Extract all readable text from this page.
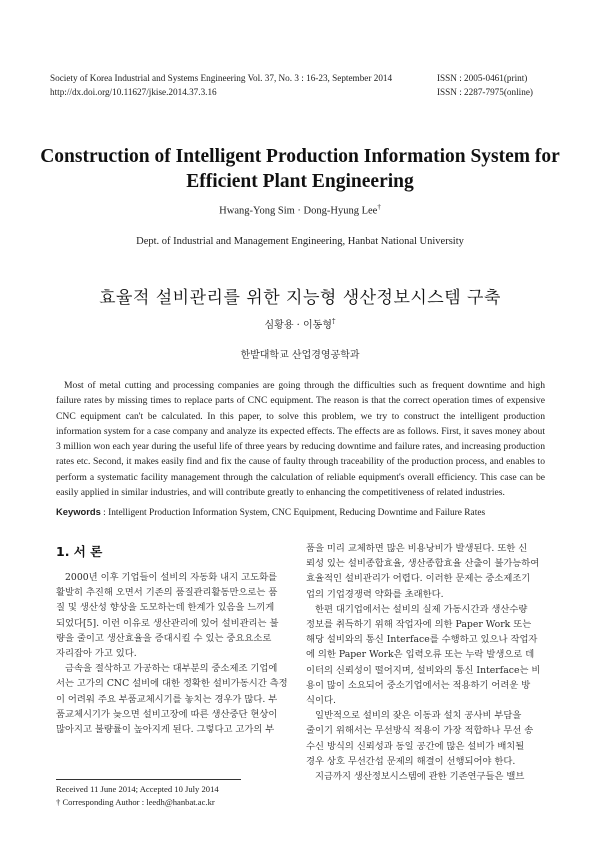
Society of Korea Industrial and Systems Engineering Vol. 37, No. 3 : 16-23, September 2014
http://dx.doi.org/10.11627/jkise.2014.37.3.16
ISSN : 2005-0461(print)
ISSN : 2287-7975(online)
Construction of Intelligent Production Information System for Efficient Plant Engineering
Hwang-Yong Sim · Dong-Hyung Lee†
Dept. of Industrial and Management Engineering, Hanbat National University
효율적 설비관리를 위한 지능형 생산정보시스템 구축
심황용 · 이동형†
한밭대학교 산업경영공학과
Most of metal cutting and processing companies are going through the difficulties such as frequent downtime and high failure rates by missing times to replace parts of CNC equipment. The reason is that the correct operation times of expensive CNC equipment can't be calculated. In this paper, to solve this problem, we try to construct the intelligent production information system for a case company and analyze its expected effects. The effects are as follows. First, it saves money about 3 million won each year during the useful life of three years by reducing downtime and failure rates, and increasing production rates etc. Second, it makes easily find and fix the cause of faulty through traceability of the production process, and enables to perform a systematic facility management through the calculation of reliable equipment's overall efficiency. This case can be easily applied in similar industries, and will contribute greatly to enhancing the competitiveness of related industries.
Keywords : Intelligent Production Information System, CNC Equipment, Reducing Downtime and Failure Rates
1. 서 론
2000년 이후 기업들이 설비의 자동화 내지 고도화를
활발히 추진해 오면서 기존의 품질관리활동만으로는 품
질 및 생산성 향상을 도모하는데 한계가 있음을 느끼게
되었다[5]. 이런 이유로 생산관리에 있어 설비관리는 불
량을 줄이고 생산효율을 증대시킬 수 있는 중요요소로
자리잡아 가고 있다.
금속을 절삭하고 가공하는 대부분의 중소제조 기업에
서는 고가의 CNC 설비에 대한 정확한 설비가동시간 측정
이 어려워 주요 부품교체시기를 놓치는 경우가 많다. 부
품교체시기가 늦으면 설비고장에 따른 생산중단 현상이
많아지고 불량률이 높아지게 된다. 그렇다고 고가의 부
품을 미리 교체하면 많은 비용낭비가 발생된다. 또한 신
뢰성 있는 설비종합효율, 생산종합효율 산출이 불가능하여
효율적인 설비관리가 어렵다. 이러한 문제는 중소제조기
업의 기업경쟁력 약화를 초래한다.
한편 대기업에서는 설비의 실제 가동시간과 생산수량
정보를 취득하기 위해 작업자에 의한 Paper Work 또는
해당 설비와의 통신 Interface를 수행하고 있으나 작업자
에 의한 Paper Work은 입력오류 또는 누락 발생으로 데
이터의 신뢰성이 떨어지며, 설비와의 통신 Interface는 비
용이 많이 소요되어 중소기업에서는 적용하기 어려운 방
식이다.
일반적으로 설비의 잦은 이동과 설치 공사비 부담을
줄이기 위해서는 무선방식 적용이 가장 적합하나 무선 송
수신 방식의 신뢰성과 동일 공간에 많은 설비가 배치될
경우 상호 무선간섭 문제의 해결이 선행되어야 한다.
지금까지 생산정보시스템에 관한 기존연구들은 밸브
Received 11 June 2014; Accepted 10 July 2014
† Corresponding Author : leedh@hanbat.ac.kr
